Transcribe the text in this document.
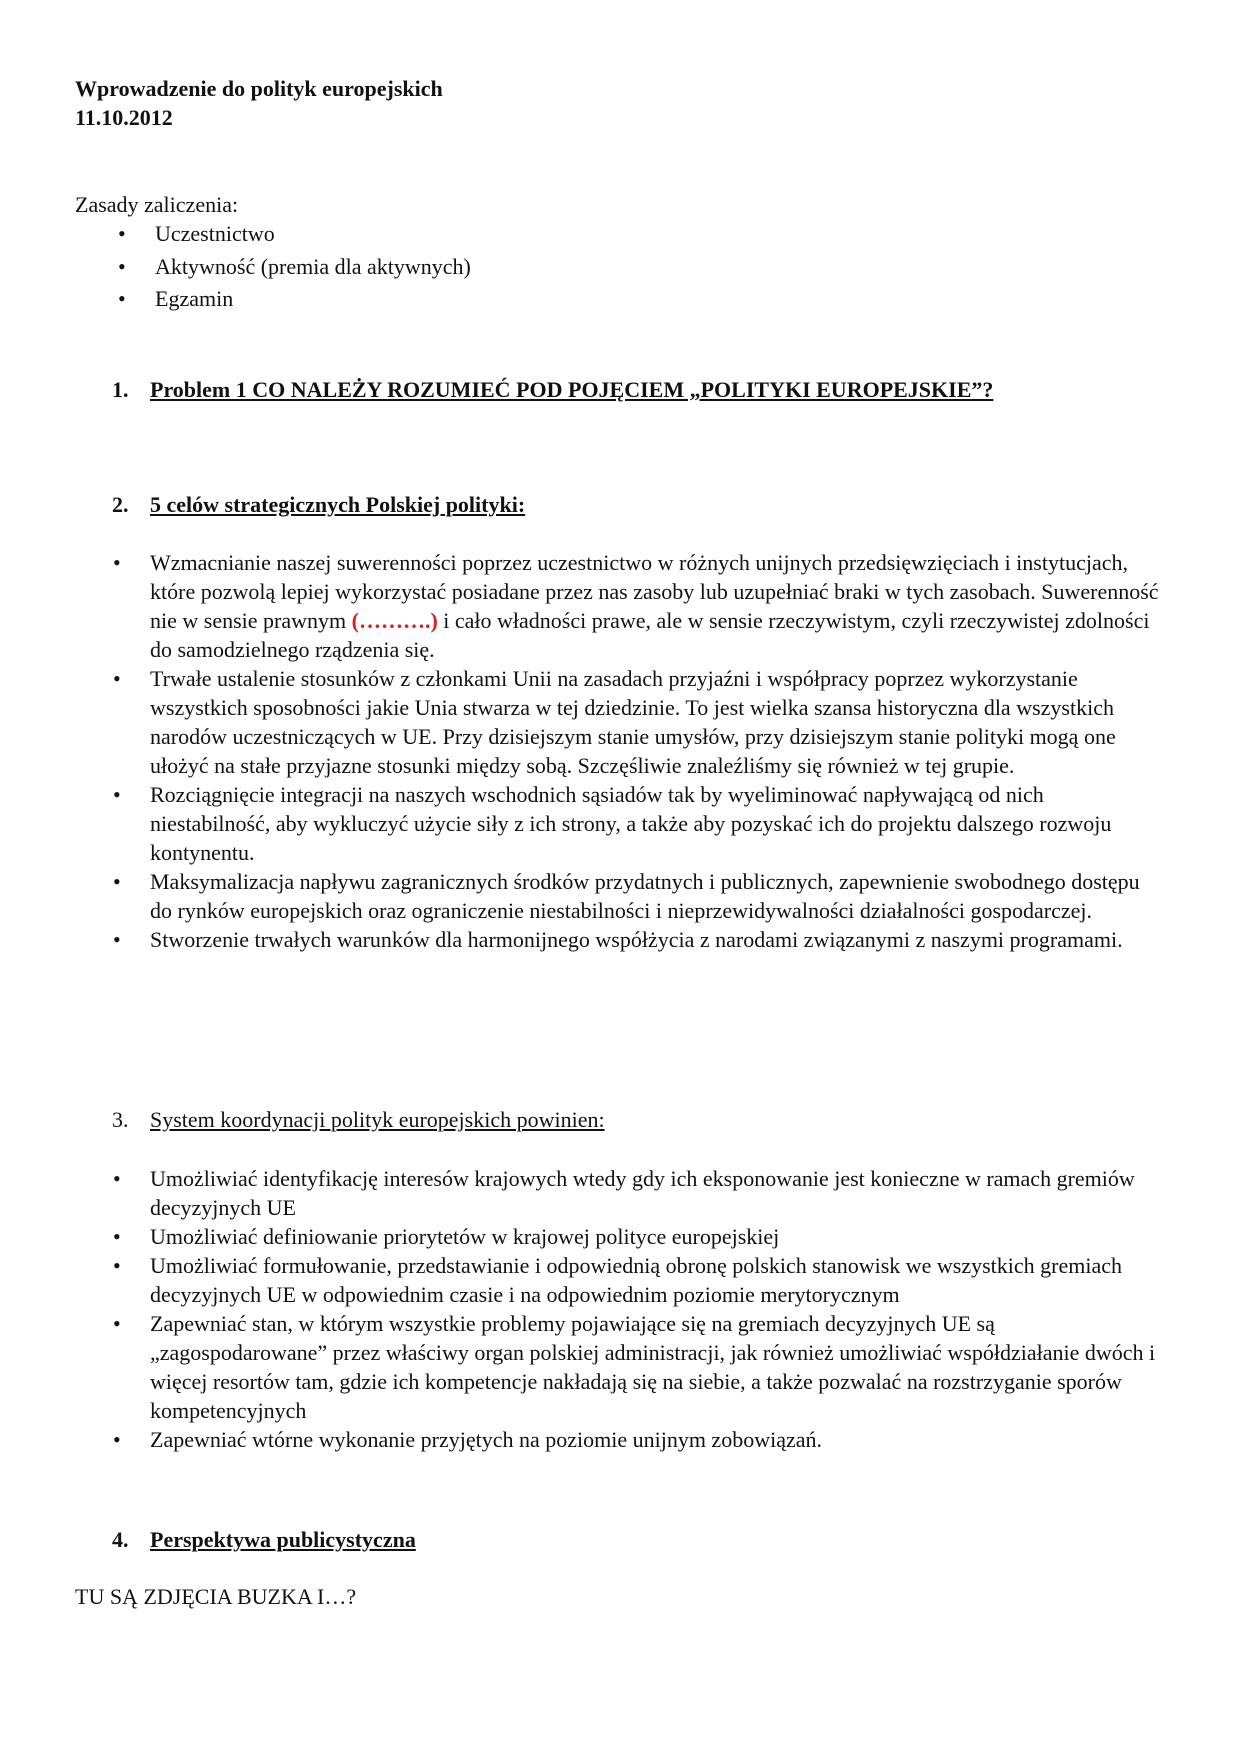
Wprowadzenie do polityk europejskich
11.10.2012
Zasady zaliczenia:
•
Uczestnictwo
•
Aktywność (premia dla aktywnych)
•
Egzamin
1. Problem 1 CO NALEŻY ROZUMIEĆ POD POJĘCIEM „POLITYKI EUROPEJSKIE”?
2. 5 celów strategicznych Polskiej polityki:
•
Wzmacnianie naszej suwerenności poprzez uczestnictwo w różnych unijnych przedsięwzięciach i instytucjach, które pozwolą lepiej wykorzystać posiadane przez nas zasoby lub uzupełniać braki w tych zasobach. Suwerenność nie w sensie prawnym (……….) i cało władności prawe, ale w sensie rzeczywistym, czyli rzeczywistej zdolności do samodzielnego rządzenia się.
•
Trwałe ustalenie stosunków z członkami Unii na zasadach przyjaźni i współpracy poprzez wykorzystanie wszystkich sposobności jakie Unia stwarza w tej dziedzinie. To jest wielka szansa historyczna dla wszystkich narodów uczestniczących w UE. Przy dzisiejszym stanie umysłów, przy dzisiejszym stanie polityki mogą one ułożyć na stałe przyjazne stosunki między sobą. Szczęśliwie znaleźliśmy się również w tej grupie.
•
Rozciągnięcie integracji na naszych wschodnich sąsiadów tak by wyeliminować napływającą od nich niestabilność, aby wykluczyć użycie siły z ich strony, a także aby pozyskać ich do projektu dalszego rozwoju kontynentu.
•
Maksymalizacja napływu zagranicznych środków przydatnych i publicznych, zapewnienie swobodnego dostępu do rynków europejskich oraz ograniczenie niestabilności i nieprzewidywalności działalności gospodarczej.
•
Stworzenie trwałych warunków dla harmonijnego współżycia z narodami związanymi z naszymi programami.
3. System koordynacji polityk europejskich powinien:
•
Umożliwiać identyfikację interesów krajowych wtedy gdy ich eksponowanie jest konieczne w ramach gremiów decyzyjnych UE
•
Umożliwiać definiowanie priorytetów w krajowej polityce europejskiej
•
Umożliwiać formułowanie, przedstawianie i odpowiednią obronę polskich stanowisk we wszystkich gremiach decyzyjnych UE w odpowiednim czasie i na odpowiednim poziomie merytorycznym
•
Zapewniać stan, w którym wszystkie problemy pojawiające się na gremiach decyzyjnych UE są „zagospodarowane” przez właściwy organ polskiej administracji, jak również umożliwiać współdziałanie dwóch i więcej resortów tam, gdzie ich kompetencje nakładają się na siebie, a także pozwalać na rozstrzyganie sporów kompetencyjnych
•
Zapewniać wtórne wykonanie przyjętych na poziomie unijnym zobowiązań.
4. Perspektywa publicystyczna
TU SĄ ZDJĘCIA BUZKA I…?
